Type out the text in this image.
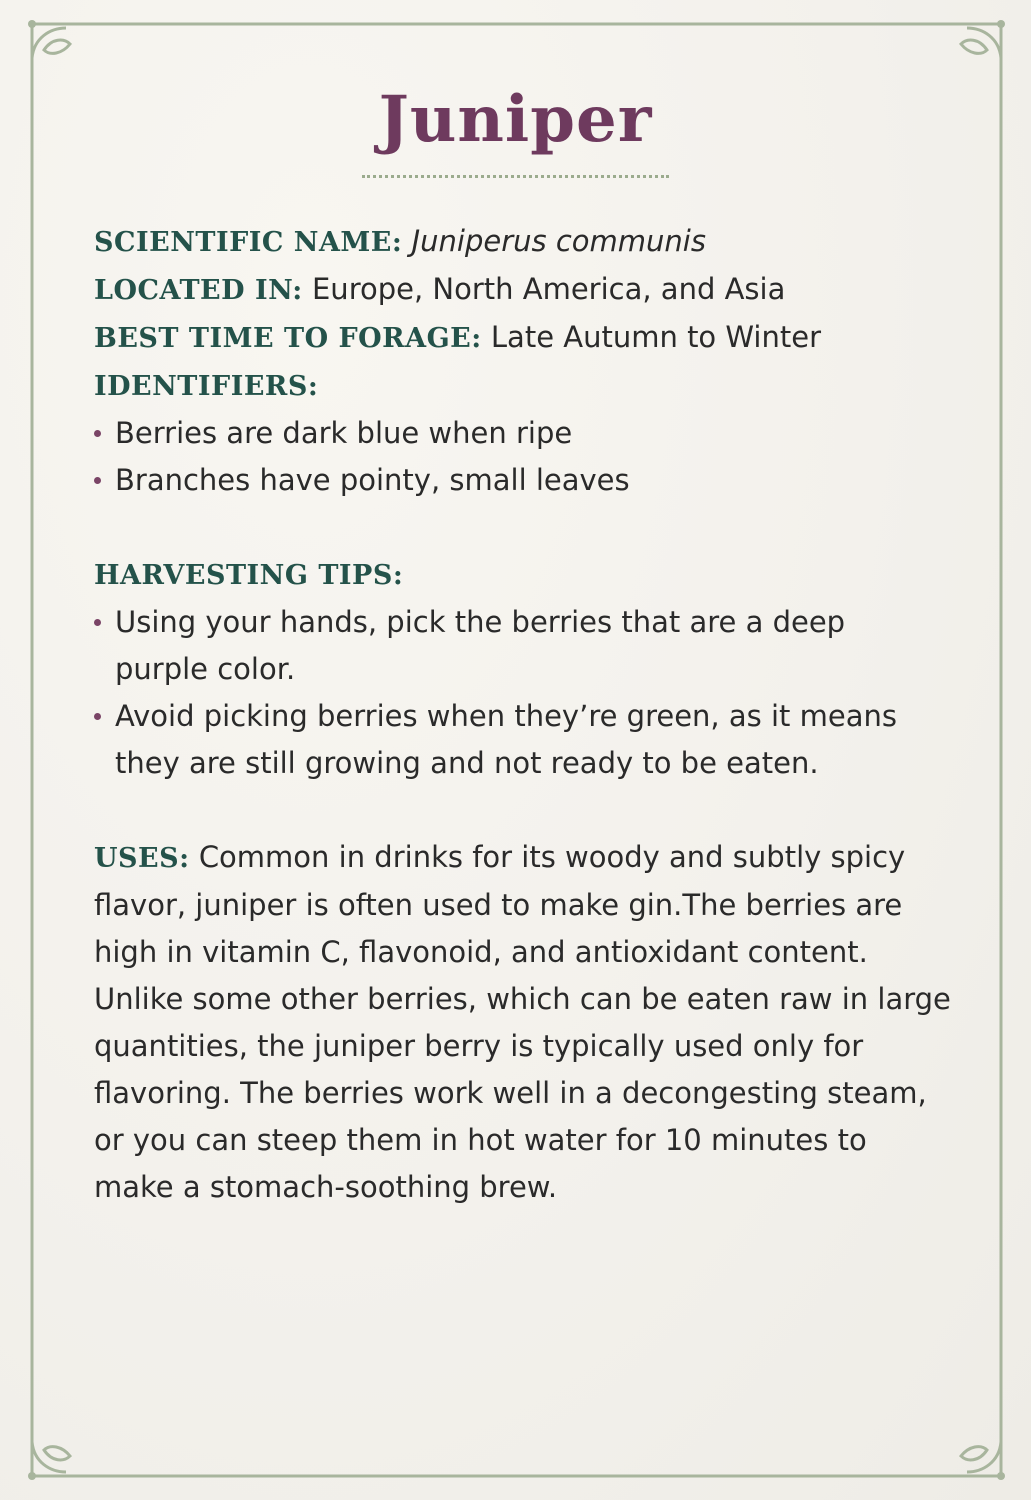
Juniper

SCIENTIFIC NAME: Juniperus communis

LOCATED IN: Europe, North America, and Asia

BEST TIME TO FORAGE: Late Autumn to Winter

IDENTIFIERS:

Berries are dark blue when ripe
Branches have pointy, small leaves

HARVESTING TIPS:

Using your hands, pick the berries that are a deep
purple color.
Avoid picking berries when they’re green, as it means
they are still growing and not ready to be eaten.

USES: Common in drinks for its woody and subtly spicy

flavor, juniper is often used to make gin.The berries are

high in vitamin C, flavonoid, and antioxidant content.

Unlike some other berries, which can be eaten raw in large

quantities, the juniper berry is typically used only for

flavoring. The berries work well in a decongesting steam,

or you can steep them in hot water for 10 minutes to

make a stomach-soothing brew.
